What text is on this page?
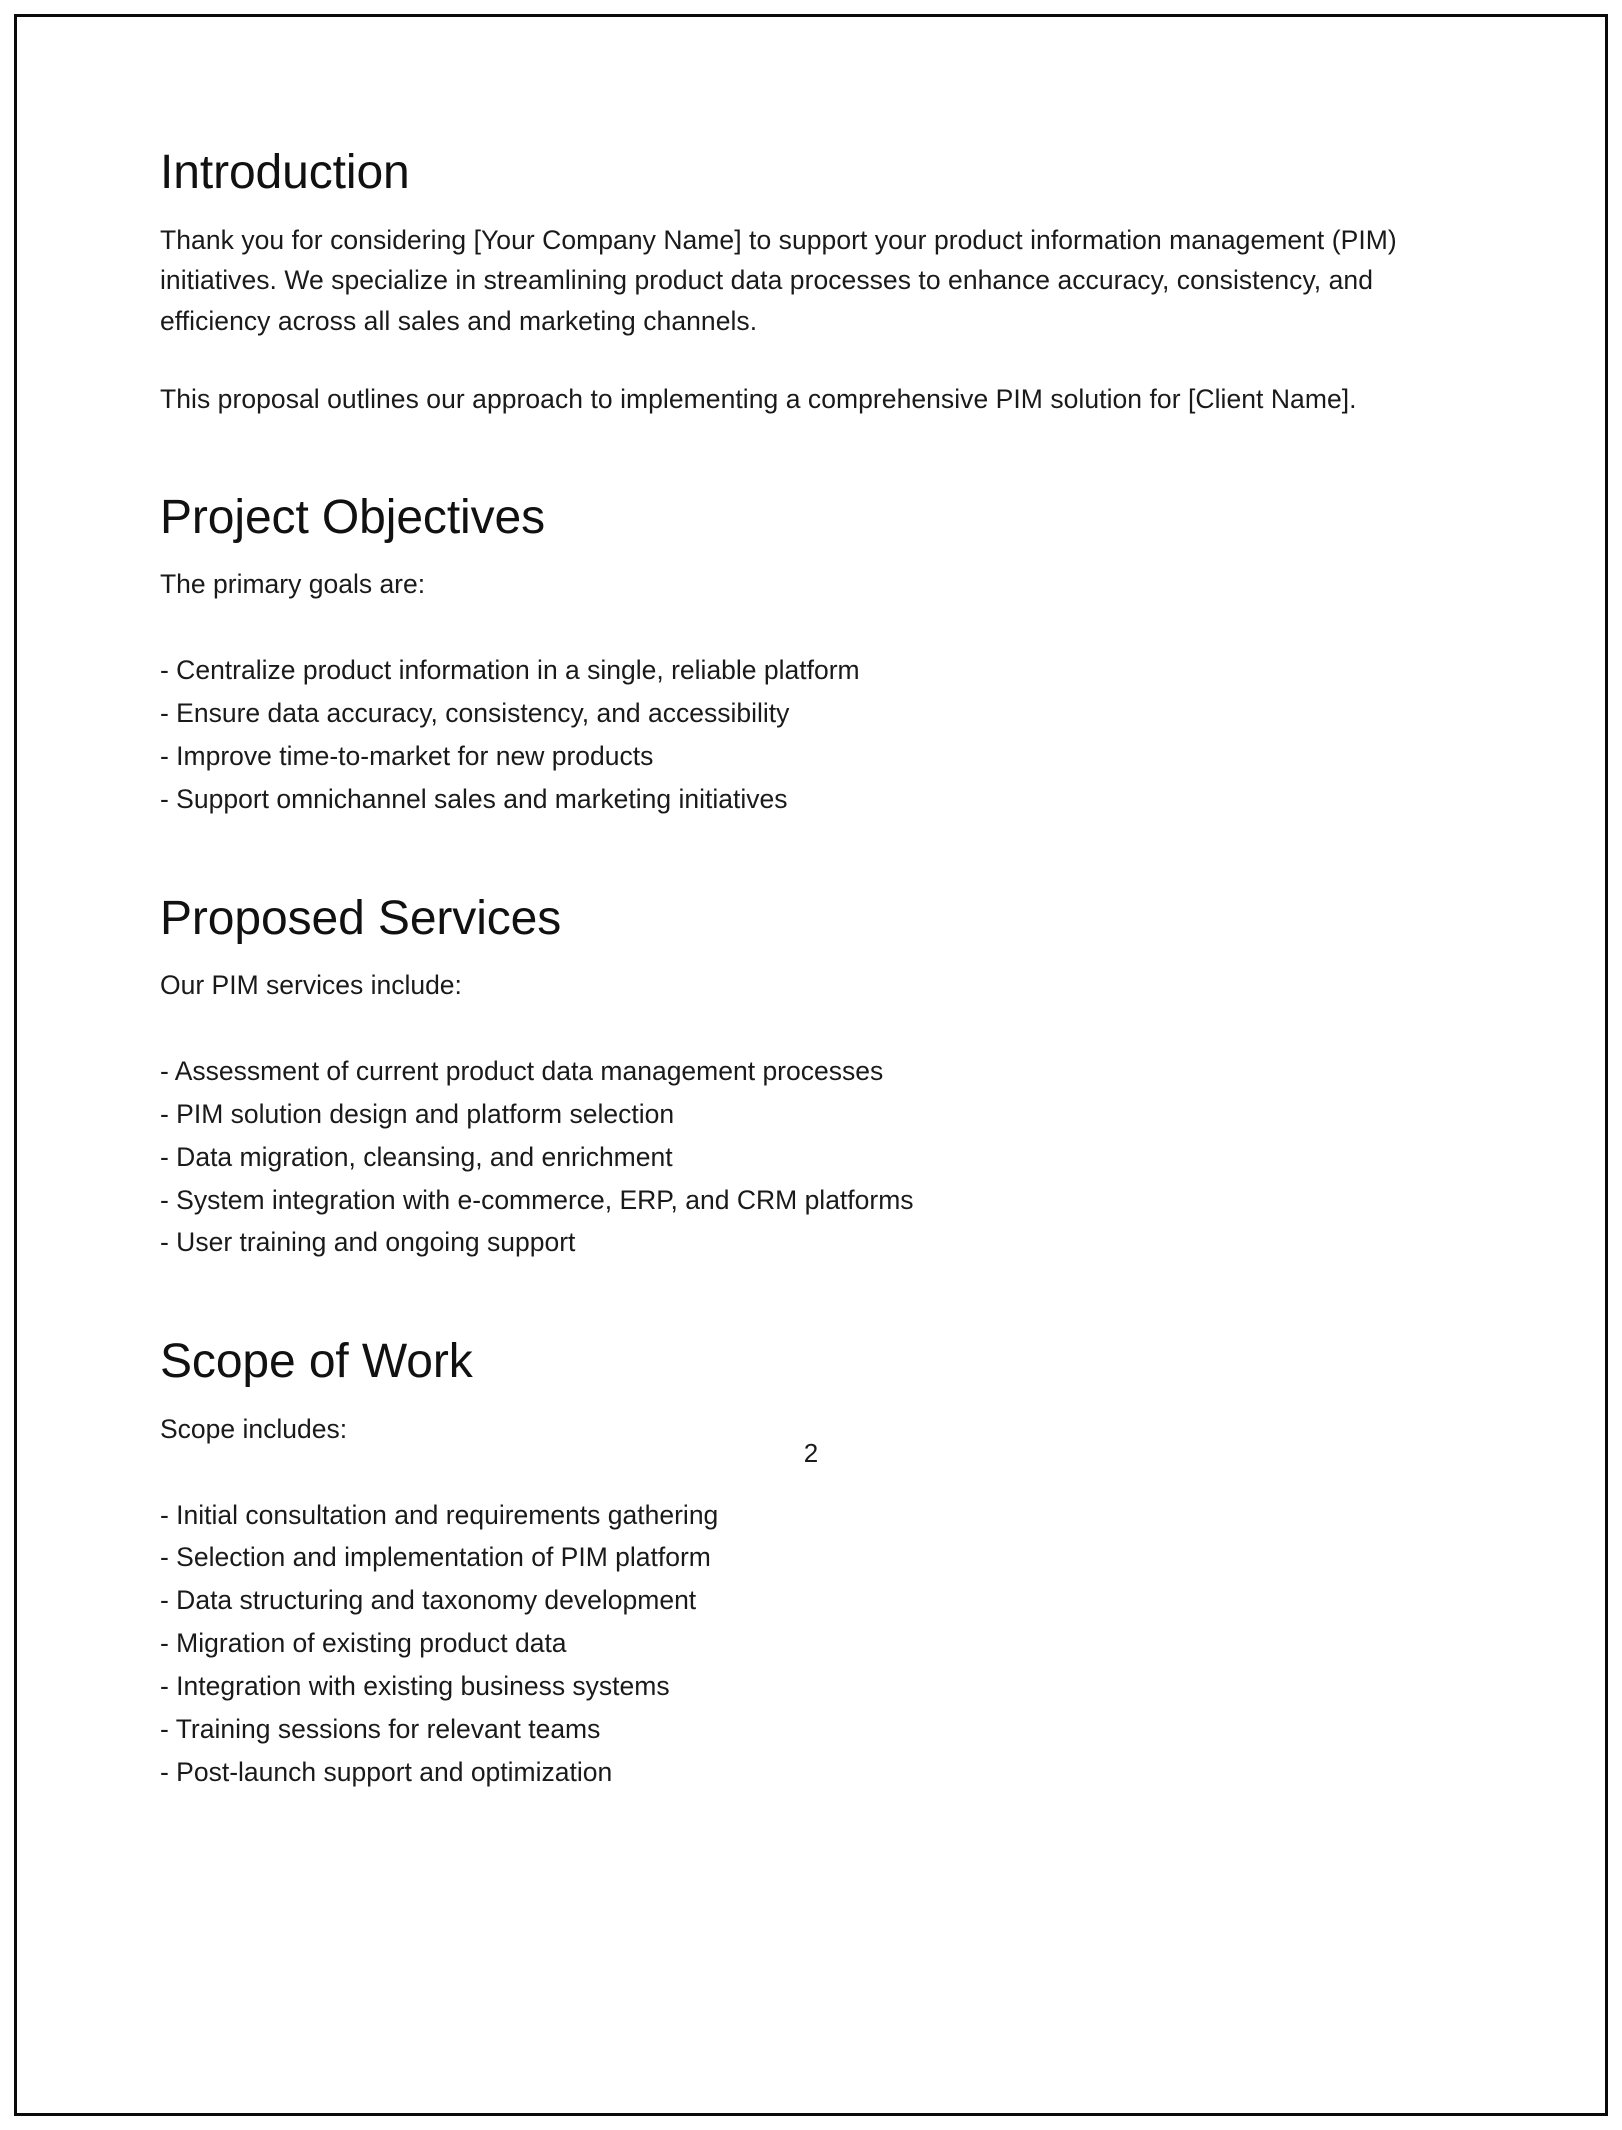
Introduction

Thank you for considering [Your Company Name] to support your product information management (PIM) initiatives. We specialize in streamlining product data processes to enhance accuracy, consistency, and efficiency across all sales and marketing channels.

This proposal outlines our approach to implementing a comprehensive PIM solution for [Client Name].

Project Objectives

The primary goals are:

- Centralize product information in a single, reliable platform
- Ensure data accuracy, consistency, and accessibility
- Improve time-to-market for new products
- Support omnichannel sales and marketing initiatives
Proposed Services

Our PIM services include:

- Assessment of current product data management processes
- PIM solution design and platform selection
- Data migration, cleansing, and enrichment
- System integration with e-commerce, ERP, and CRM platforms
- User training and ongoing support
Scope of Work

Scope includes:

- Initial consultation and requirements gathering
- Selection and implementation of PIM platform
- Data structuring and taxonomy development
- Migration of existing product data
- Integration with existing business systems
- Training sessions for relevant teams
- Post-launch support and optimization
2
